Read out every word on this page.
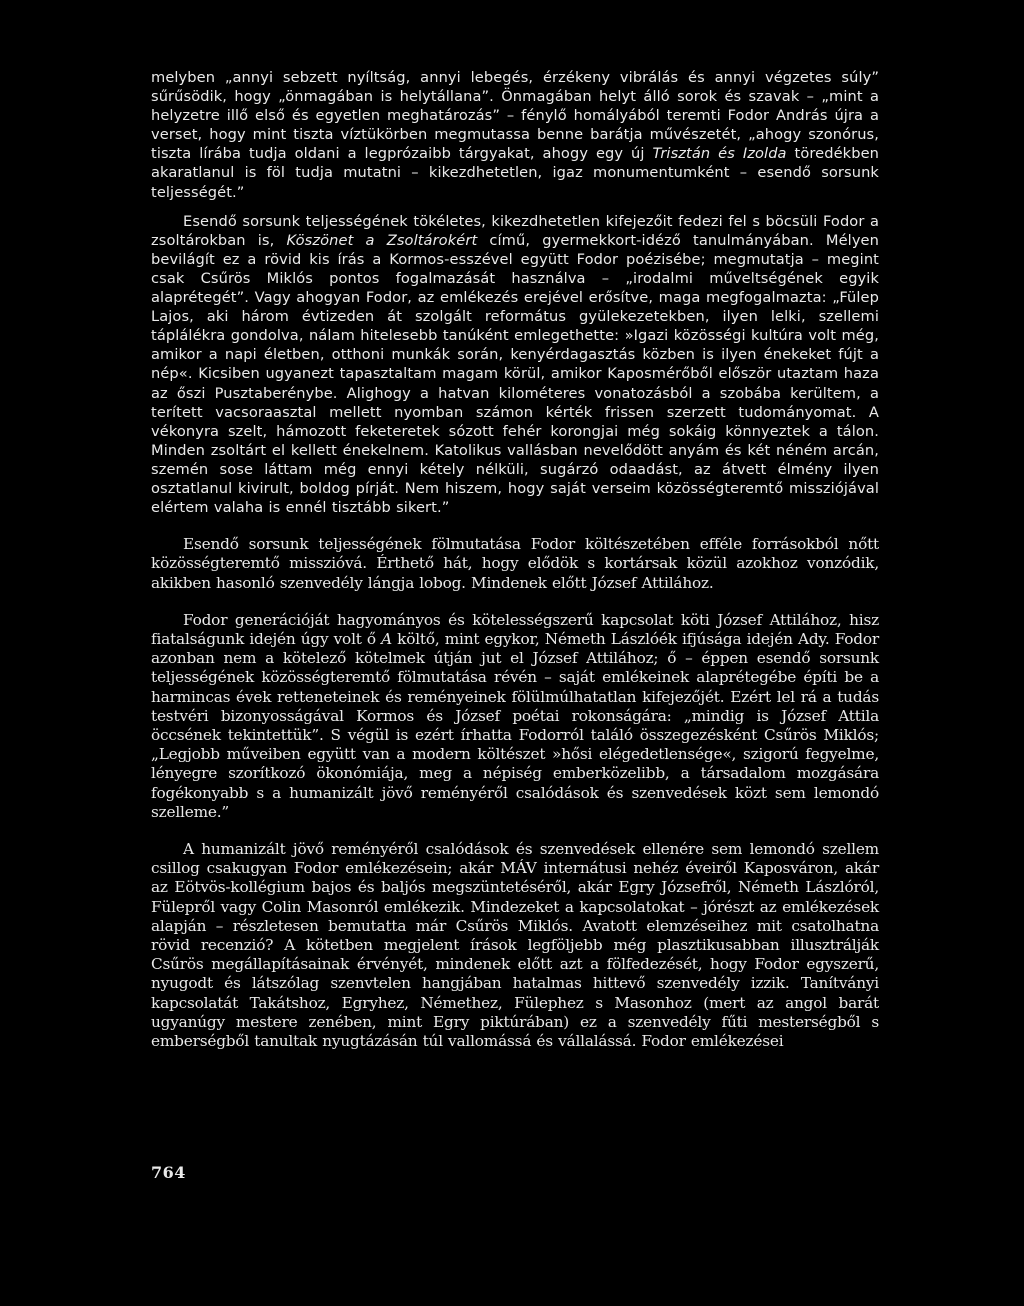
melyben „annyi sebzett nyíltság, annyi lebegés, érzékeny vibrálás és annyi végzetes súly” sűrűsödik, hogy „önmagában is helytállana”. Önmagában helyt álló sorok és szavak – „mint a helyzetre illő első és egyetlen meghatározás” – fénylő homályából teremti Fodor András újra a verset, hogy mint tiszta víztükörben megmutassa benne barátja művészetét, „ahogy szonórus, tiszta lírába tudja oldani a legprózaibb tárgyakat, ahogy egy új Trisztán és Izolda töredékben akaratlanul is föl tudja mutatni – kikezdhetetlen, igaz monumentumként – esendő sorsunk teljességét.”

Esendő sorsunk teljességének tökéletes, kikezdhetetlen kifejezőit fedezi fel s böcsüli Fodor a zsoltárokban is, Köszönet a Zsoltárokért című, gyermekkort-idéző tanulmányában. Mélyen bevilágít ez a rövid kis írás a Kormos-esszével együtt Fodor poézisébe; megmutatja – megint csak Csűrös Miklós pontos fogalmazását használva – „irodalmi műveltségének egyik alaprétegét”. Vagy ahogyan Fodor, az emlékezés erejével erősítve, maga megfogalmazta: „Fülep Lajos, aki három évtizeden át szolgált református gyülekezetekben, ilyen lelki, szellemi táplálékra gondolva, nálam hitelesebb tanúként emlegethette: »Igazi közösségi kultúra volt még, amikor a napi életben, otthoni munkák során, kenyérdagasztás közben is ilyen énekeket fújt a nép«. Kicsiben ugyanezt tapasztaltam magam körül, amikor Kaposmérőből először utaztam haza az őszi Pusztaberénybe. Alighogy a hatvan kilométeres vonatozásból a szobába kerültem, a terített vacsoraasztal mellett nyomban számon kérték frissen szerzett tudományomat. A vékonyra szelt, hámozott feketeretek sózott fehér korongjai még sokáig könnyeztek a tálon. Minden zsoltárt el kellett énekelnem. Katolikus vallásban nevelődött anyám és két néném arcán, szemén sose láttam még ennyi kétely nélküli, sugárzó odaadást, az átvett élmény ilyen osztatlanul kivirult, boldog pírját. Nem hiszem, hogy saját verseim közösségteremtő missziójával elértem valaha is ennél tisztább sikert.”

Esendő sorsunk teljességének fölmutatása Fodor költészetében efféle forrásokból nőtt közösségteremtő misszióvá. Érthető hát, hogy elődök s kortársak közül azokhoz vonzódik, akikben hasonló szenvedély lángja lobog. Mindenek előtt József Attilához.

Fodor generációját hagyományos és kötelességszerű kapcsolat köti József Attilához, hisz fiatalságunk idején úgy volt ő A költő, mint egykor, Németh Lászlóék ifjúsága idején Ady. Fodor azonban nem a kötelező kötelmek útján jut el József Attilához; ő – éppen esendő sorsunk teljességének közösségteremtő fölmutatása révén – saját emlékeinek alaprétegébe építi be a harmincas évek retteneteinek és reményeinek fölülmúlhatatlan kifejezőjét. Ezért lel rá a tudás testvéri bizonyosságával Kormos és József poétai rokonságára: „mindig is József Attila öccsének tekintettük”. S végül is ezért írhatta Fodorról találó összegezésként Csűrös Miklós; „Legjobb műveiben együtt van a modern költészet »hősi elégedetlensége«, szigorú fegyelme, lényegre szorítkozó ökonómiája, meg a népiség emberközelibb, a társadalom mozgására fogékonyabb s a humanizált jövő reményéről csalódások és szenvedések közt sem lemondó szelleme.”

A humanizált jövő reményéről csalódások és szenvedések ellenére sem lemondó szellem csillog csakugyan Fodor emlékezésein; akár MÁV internátusi nehéz éveiről Kaposváron, akár az Eötvös-kollégium bajos és baljós megszüntetéséről, akár Egry Józsefről, Németh Lászlóról, Fülepről vagy Colin Masonról emlékezik. Mindezeket a kapcsolatokat – jórészt az emlékezések alapján – részletesen bemutatta már Csűrös Miklós. Avatott elemzéseihez mit csatolhatna rövid recenzió? A kötetben megjelent írások legföljebb még plasztikusabban illusztrálják Csűrös megállapításainak érvényét, mindenek előtt azt a fölfedezését, hogy Fodor egyszerű, nyugodt és látszólag szenvtelen hangjában hatalmas hittevő szenvedély izzik. Tanítványi kapcsolatát Takátshoz, Egryhez, Némethez, Fülephez s Masonhoz (mert az angol barát ugyanúgy mestere zenében, mint Egry piktúrában) ez a szenvedély fűti mesterségből s emberségből tanultak nyugtázásán túl vallomássá és vállalássá. Fodor emlékezései

764
